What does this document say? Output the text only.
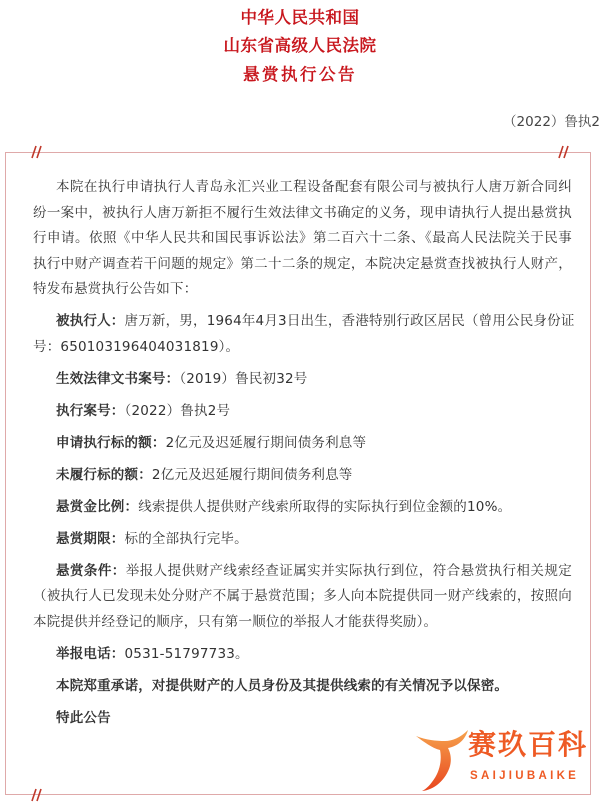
中华人民共和国
山东省高级人民法院
悬赏执行公告
（2022）鲁执2
本院在执行申请执行人青岛永汇兴业工程设备配套有限公司与被执行人唐万新合同纠
纷一案中，被执行人唐万新拒不履行生效法律文书确定的义务，现申请执行人提出悬赏执
行申请。依照《中华人民共和国民事诉讼法》第二百六十二条、《最高人民法院关于民事
执行中财产调查若干问题的规定》第二十二条的规定，本院决定悬赏查找被执行人财产，
特发布悬赏执行公告如下：
被执行人：唐万新，男，1964年4月3日出生，香港特别行政区居民（曾用公民身份证
号：650103196404031819）。
生效法律文书案号：（2019）鲁民初32号
执行案号：（2022）鲁执2号
申请执行标的额：2亿元及迟延履行期间债务利息等
未履行标的额：2亿元及迟延履行期间债务利息等
悬赏金比例：线索提供人提供财产线索所取得的实际执行到位金额的10%。
悬赏期限：标的全部执行完毕。
悬赏条件：举报人提供财产线索经查证属实并实际执行到位，符合悬赏执行相关规定
（被执行人已发现未处分财产不属于悬赏范围；多人向本院提供同一财产线索的，按照向
本院提供并经登记的顺序，只有第一顺位的举报人才能获得奖励）。
举报电话：0531-51797733。
本院郑重承诺，对提供财产的人员身份及其提供线索的有关情况予以保密。
特此公告
赛玖百科
SAIJIUBAIKE
